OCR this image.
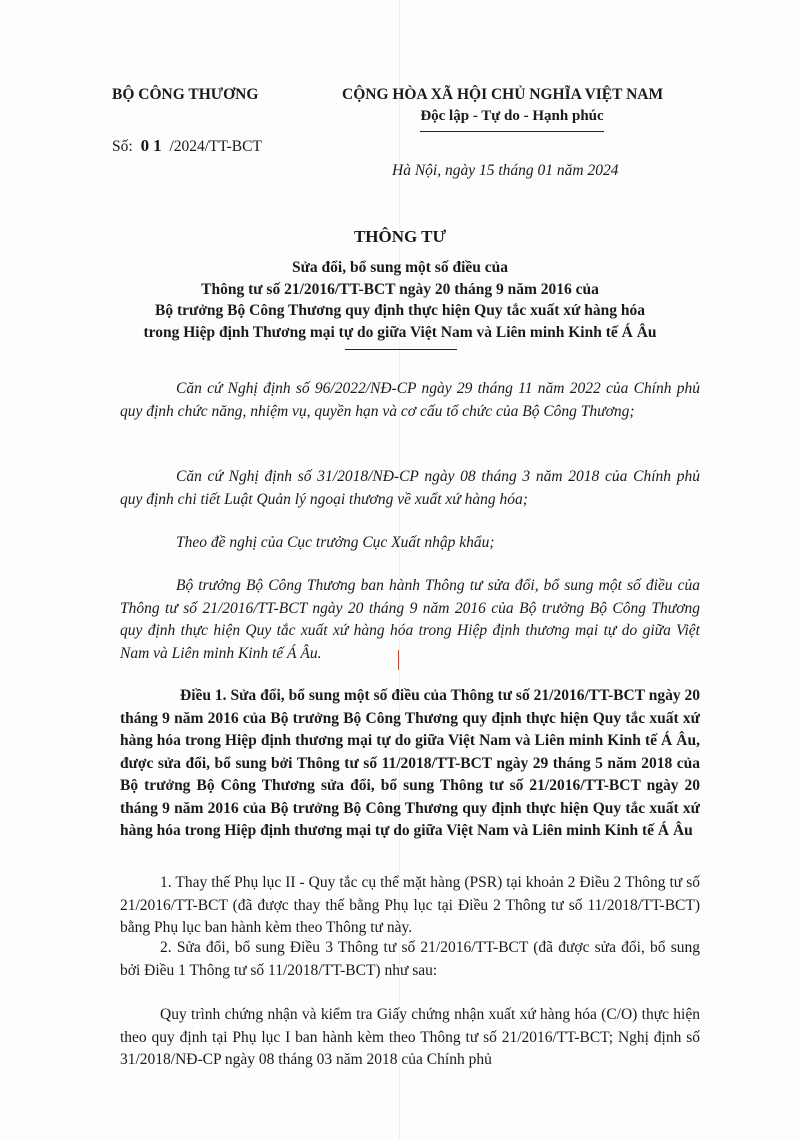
BỘ CÔNG THƯƠNG
Số: 01 /2024/TT-BCT
CỘNG HÒA XÃ HỘI CHỦ NGHĨA VIỆT NAM
Độc lập - Tự do - Hạnh phúc
Hà Nội, ngày 15 tháng 01 năm 2024
THÔNG TƯ
Sửa đổi, bổ sung một số điều của
Thông tư số 21/2016/TT-BCT ngày 20 tháng 9 năm 2016 của
Bộ trưởng Bộ Công Thương quy định thực hiện Quy tắc xuất xứ hàng hóa
trong Hiệp định Thương mại tự do giữa Việt Nam và Liên minh Kinh tế Á Âu
Căn cứ Nghị định số 96/2022/NĐ-CP ngày 29 tháng 11 năm 2022 của Chính phủ quy định chức năng, nhiệm vụ, quyền hạn và cơ cấu tổ chức của Bộ Công Thương;
Căn cứ Nghị định số 31/2018/NĐ-CP ngày 08 tháng 3 năm 2018 của Chính phủ quy định chi tiết Luật Quản lý ngoại thương về xuất xứ hàng hóa;
Theo đề nghị của Cục trưởng Cục Xuất nhập khẩu;
Bộ trưởng Bộ Công Thương ban hành Thông tư sửa đổi, bổ sung một số điều của Thông tư số 21/2016/TT-BCT ngày 20 tháng 9 năm 2016 của Bộ trưởng Bộ Công Thương quy định thực hiện Quy tắc xuất xứ hàng hóa trong Hiệp định thương mại tự do giữa Việt Nam và Liên minh Kinh tế Á Âu.
Điều 1. Sửa đổi, bổ sung một số điều của Thông tư số 21/2016/TT-BCT ngày 20 tháng 9 năm 2016 của Bộ trưởng Bộ Công Thương quy định thực hiện Quy tắc xuất xứ hàng hóa trong Hiệp định thương mại tự do giữa Việt Nam và Liên minh Kinh tế Á Âu, được sửa đổi, bổ sung bởi Thông tư số 11/2018/TT-BCT ngày 29 tháng 5 năm 2018 của Bộ trưởng Bộ Công Thương sửa đổi, bổ sung Thông tư số 21/2016/TT-BCT ngày 20 tháng 9 năm 2016 của Bộ trưởng Bộ Công Thương quy định thực hiện Quy tắc xuất xứ hàng hóa trong Hiệp định thương mại tự do giữa Việt Nam và Liên minh Kinh tế Á Âu
1. Thay thế Phụ lục II - Quy tắc cụ thể mặt hàng (PSR) tại khoản 2 Điều 2 Thông tư số 21/2016/TT-BCT (đã được thay thế bằng Phụ lục tại Điều 2 Thông tư số 11/2018/TT-BCT) bằng Phụ lục ban hành kèm theo Thông tư này.
2. Sửa đổi, bổ sung Điều 3 Thông tư số 21/2016/TT-BCT (đã được sửa đổi, bổ sung bởi Điều 1 Thông tư số 11/2018/TT-BCT) như sau:
Quy trình chứng nhận và kiểm tra Giấy chứng nhận xuất xứ hàng hóa (C/O) thực hiện theo quy định tại Phụ lục I ban hành kèm theo Thông tư số 21/2016/TT-BCT; Nghị định số 31/2018/NĐ-CP ngày 08 tháng 03 năm 2018 của Chính phủ
